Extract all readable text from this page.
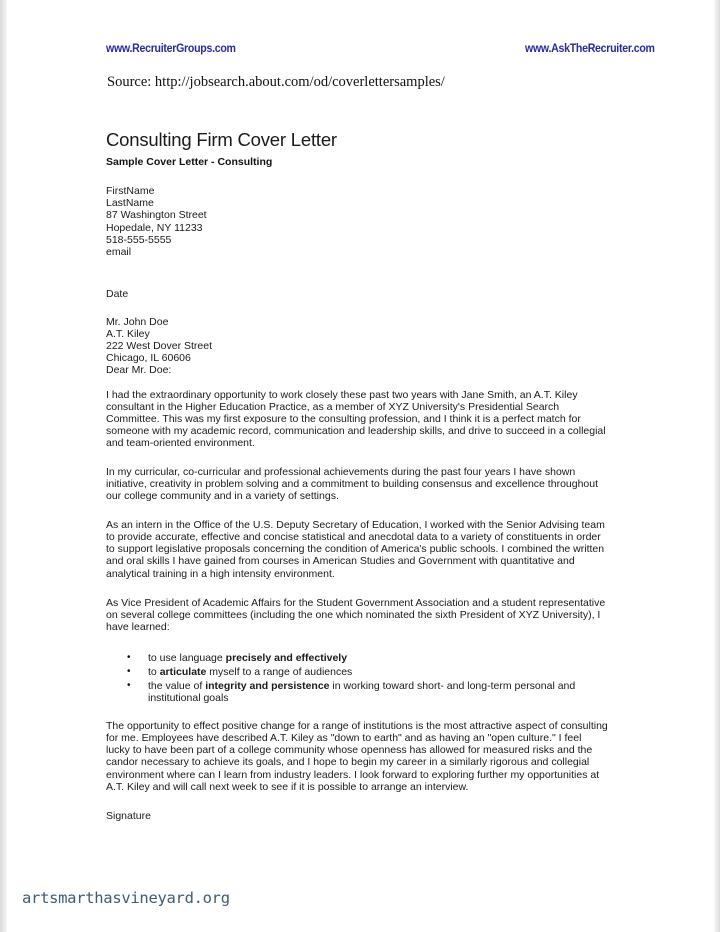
www.RecruiterGroups.com	www.AskTheRecruiter.com
Source: http://jobsearch.about.com/od/coverlettersamples/
Consulting Firm Cover Letter
Sample Cover Letter - Consulting
FirstName
LastName
87 Washington Street
Hopedale, NY 11233
518-555-5555
email
Date
Mr. John Doe
A.T. Kiley
222 West Dover Street
Chicago, IL 60606
Dear Mr. Doe:
I had the extraordinary opportunity to work closely these past two years with Jane Smith, an A.T. Kiley
consultant in the Higher Education Practice, as a member of XYZ University's Presidential Search
Committee. This was my first exposure to the consulting profession, and I think it is a perfect match for
someone with my academic record, communication and leadership skills, and drive to succeed in a collegial
and team-oriented environment.
In my curricular, co-curricular and professional achievements during the past four years I have shown
initiative, creativity in problem solving and a commitment to building consensus and excellence throughout
our college community and in a variety of settings.
As an intern in the Office of the U.S. Deputy Secretary of Education, I worked with the Senior Advising team
to provide accurate, effective and concise statistical and anecdotal data to a variety of constituents in order
to support legislative proposals concerning the condition of America's public schools. I combined the written
and oral skills I have gained from courses in American Studies and Government with quantitative and
analytical training in a high intensity environment.
As Vice President of Academic Affairs for the Student Government Association and a student representative
on several college committees (including the one which nominated the sixth President of XYZ University), I
have learned:
• to use language precisely and effectively
• to articulate myself to a range of audiences
• the value of integrity and persistence in working toward short- and long-term personal and
institutional goals
The opportunity to effect positive change for a range of institutions is the most attractive aspect of consulting
for me. Employees have described A.T. Kiley as "down to earth" and as having an "open culture." I feel
lucky to have been part of a college community whose openness has allowed for measured risks and the
candor necessary to achieve its goals, and I hope to begin my career in a similarly rigorous and collegial
environment where can I learn from industry leaders. I look forward to exploring further my opportunities at
A.T. Kiley and will call next week to see if it is possible to arrange an interview.
Signature
artsmarthasvineyard.org
